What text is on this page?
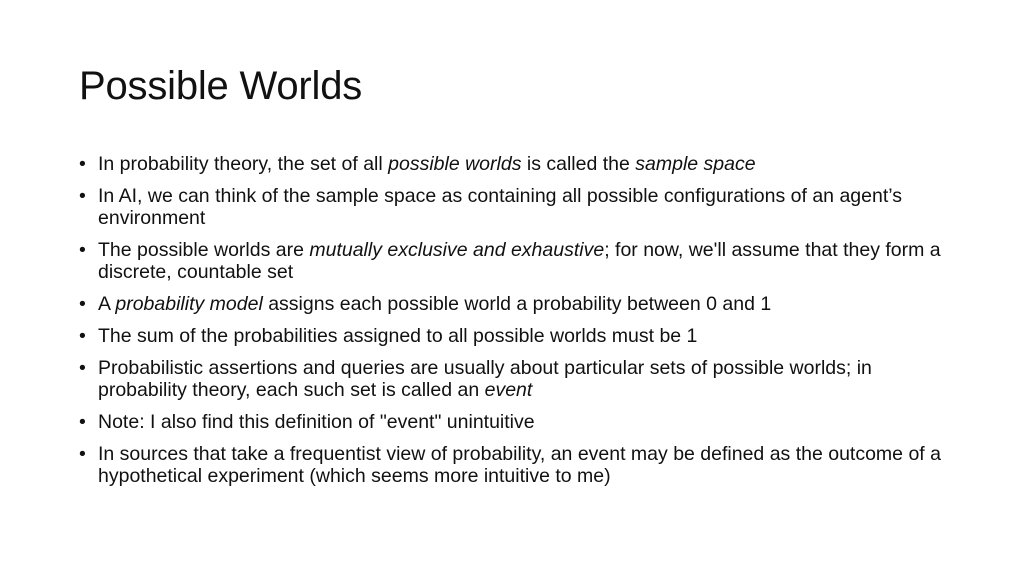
Possible Worlds
• In probability theory, the set of all possible worlds is called the sample space
• In AI, we can think of the sample space as containing all possible configurations of an agent’s environment
• The possible worlds are mutually exclusive and exhaustive; for now, we'll assume that they form a discrete, countable set
• A probability model assigns each possible world a probability between 0 and 1
• The sum of the probabilities assigned to all possible worlds must be 1
• Probabilistic assertions and queries are usually about particular sets of possible worlds; in probability theory, each such set is called an event
• Note: I also find this definition of "event" unintuitive
• In sources that take a frequentist view of probability, an event may be defined as the outcome of a hypothetical experiment (which seems more intuitive to me)
